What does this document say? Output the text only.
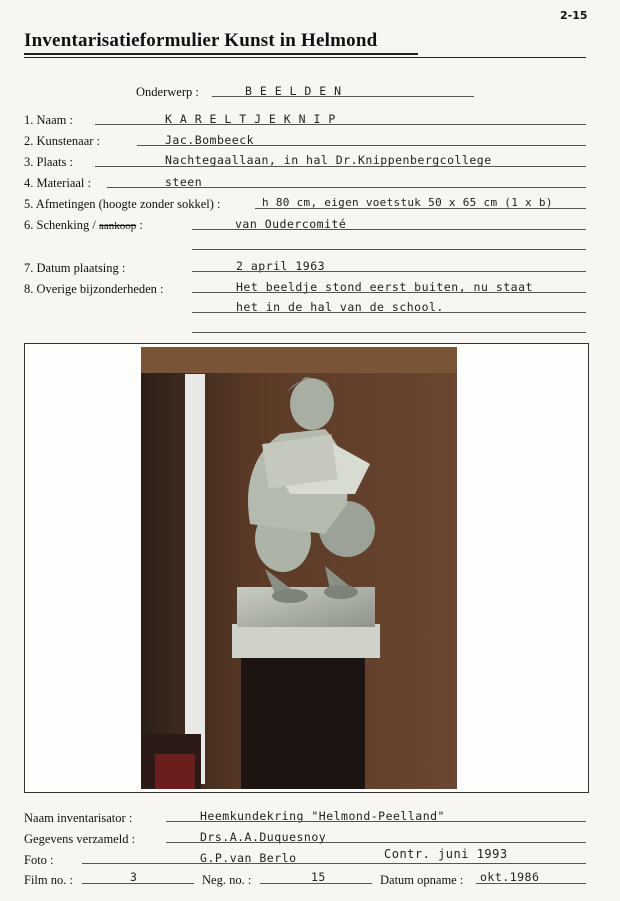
2-15
Inventarisatieformulier Kunst in Helmond
Onderwerp :	B E E L D E N
1. Naam :	K A R E L T J E K N I P
2. Kunstenaar :	Jac.Bombeeck
3. Plaats :	Nachtegaallaan, in hal Dr.Knippenbergcollege
4. Materiaal :	steen
5. Afmetingen (hoogte zonder sokkel) :	h 80 cm, eigen voetstuk 50 x 65 cm (1 x b)
6. Schenking / aankoop :	van Oudercomité
7. Datum plaatsing :	2 april 1963
8. Overige bijzonderheden :	Het beeldje stond eerst buiten, nu staat
het in de hal van de school.
Naam inventarisator :	Heemkundekring "Helmond-Peelland"
Gegevens verzameld :	Drs.A.A.Duquesnoy
Foto :	G.P.van Berlo	Contr. juni 1993
Film no. :	3	Neg. no. :	15	Datum opname : okt.1986
